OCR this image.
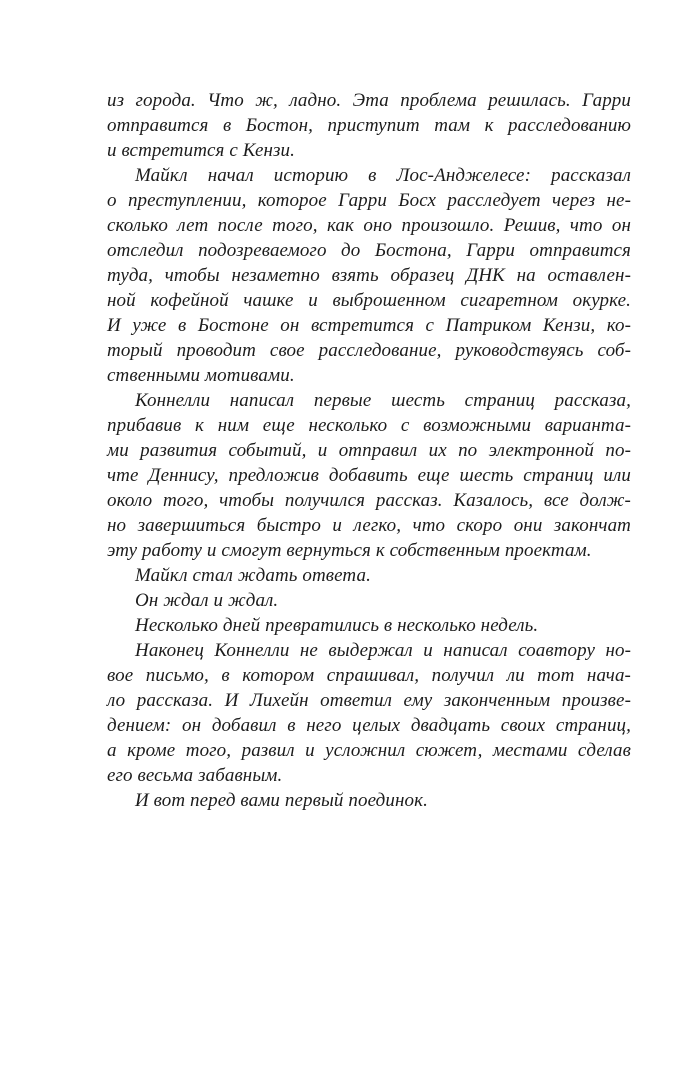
из города. Что ж, ладно. Эта проблема решилась. Гарри
отправится в Бостон, приступит там к расследованию
и встретится с Кензи.
Майкл начал историю в Лос-Анджелесе: рассказал
о преступлении, которое Гарри Босх расследует через не-
сколько лет после того, как оно произошло. Решив, что он
отследил подозреваемого до Бостона, Гарри отправится
туда, чтобы незаметно взять образец ДНК на оставлен-
ной кофейной чашке и выброшенном сигаретном окурке.
И уже в Бостоне он встретится с Патриком Кензи, ко-
торый проводит свое расследование, руководствуясь соб-
ственными мотивами.
Коннелли написал первые шесть страниц рассказа,
прибавив к ним еще несколько с возможными варианта-
ми развития событий, и отправил их по электронной по-
чте Деннису, предложив добавить еще шесть страниц или
около того, чтобы получился рассказ. Казалось, все долж-
но завершиться быстро и легко, что скоро они закончат
эту работу и смогут вернуться к собственным проектам.
Майкл стал ждать ответа.
Он ждал и ждал.
Несколько дней превратились в несколько недель.
Наконец Коннелли не выдержал и написал соавтору но-
вое письмо, в котором спрашивал, получил ли тот нача-
ло рассказа. И Лихейн ответил ему законченным произве-
дением: он добавил в него целых двадцать своих страниц,
а кроме того, развил и усложнил сюжет, местами сделав
его весьма забавным.
И вот перед вами первый поединок.
